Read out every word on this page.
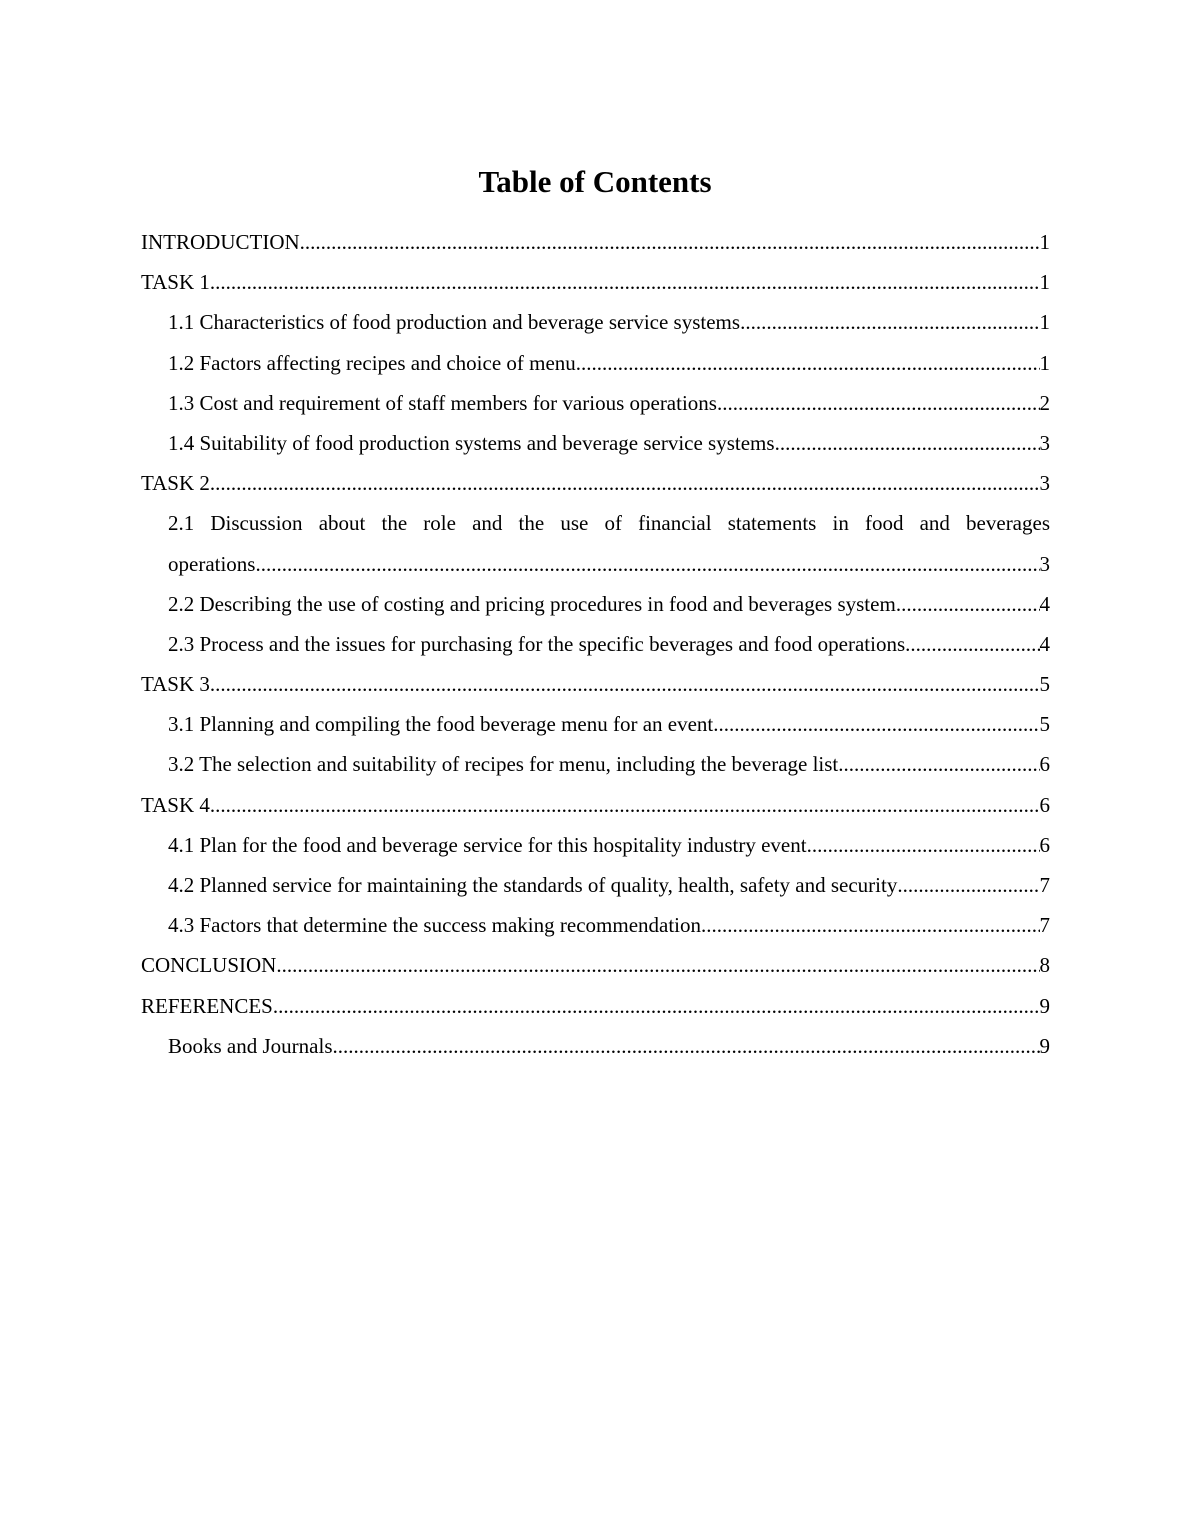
Table of Contents
INTRODUCTION .....	1
TASK 1 .....	1
1.1 Characteristics of food production and beverage service systems .....	1
1.2 Factors affecting recipes and choice of menu .....	1
1.3 Cost and requirement of staff members for various operations .....	2
1.4 Suitability of food production systems and beverage service systems .....	3
TASK 2 .....	3
2.1 Discussion about the role and the use of financial statements in food and beverages
operations .....	3
2.2 Describing the use of costing and pricing procedures in food and beverages system .....	4
2.3 Process and the issues for purchasing for the specific beverages and food operations. .....	4
TASK 3 .....	5
3.1 Planning and compiling the food beverage menu for an event .....	5
3.2 The selection and suitability of recipes for menu, including the beverage list .....	6
TASK 4 .....	6
4.1 Plan for the food and beverage service for this hospitality industry event .....	6
4.2 Planned service for maintaining the standards of quality, health, safety and security .....	7
4.3 Factors that determine the success making recommendation .....	7
CONCLUSION .....	8
REFERENCES .....	9
Books and Journals .....	9
